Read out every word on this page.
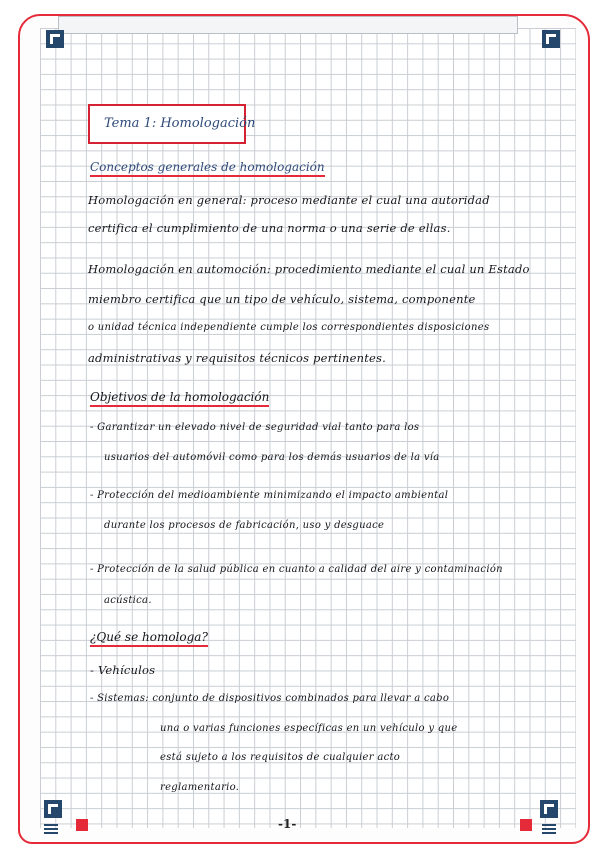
Tema 1: Homologación
Conceptos generales de homologación
Homologación en general: proceso mediante el cual una autoridad
certifica el cumplimiento de una norma o una serie de ellas.
Homologación en automoción: procedimiento mediante el cual un Estado
miembro certifica que un tipo de vehículo, sistema, componente
o unidad técnica independiente cumple los correspondientes disposiciones
administrativas y requisitos técnicos pertinentes.
Objetivos de la homologación
- Garantizar un elevado nivel de seguridad vial tanto para los
usuarios del automóvil como para los demás usuarios de la vía
- Protección del medioambiente minimizando el impacto ambiental
durante los procesos de fabricación, uso y desguace
- Protección de la salud pública en cuanto a calidad del aire y contaminación
acústica.
¿Qué se homologa?
- Vehículos
- Sistemas: conjunto de dispositivos combinados para llevar a cabo
una o varias funciones específicas en un vehículo y que
está sujeto a los requisitos de cualquier acto
reglamentario.
-1-
